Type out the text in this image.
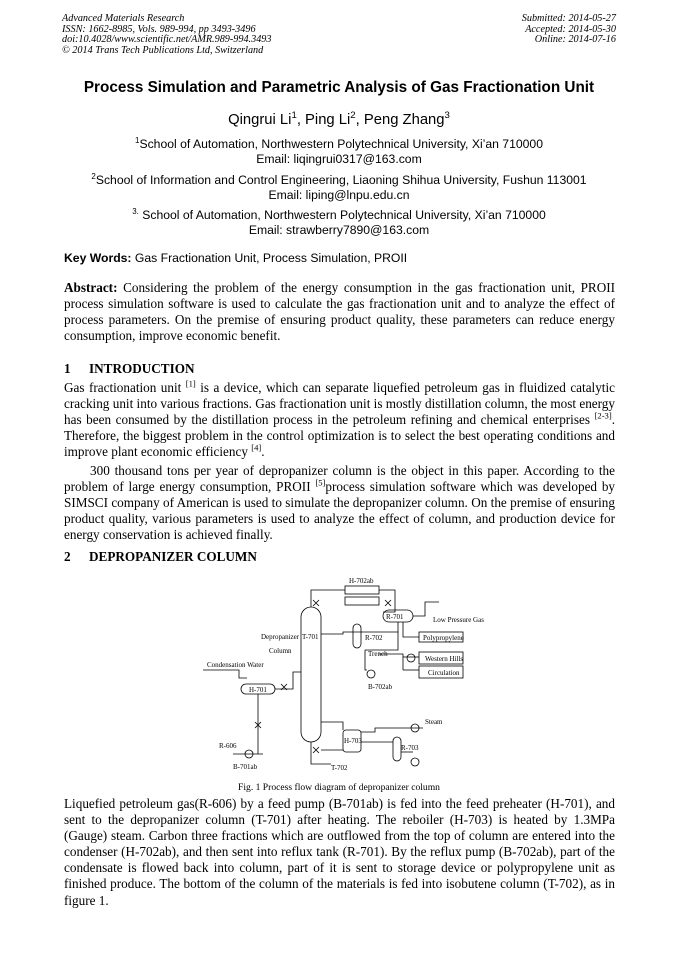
Advanced Materials Research
ISSN: 1662-8985, Vols. 989-994, pp 3493-3496
doi:10.4028/www.scientific.net/AMR.989-994.3493
© 2014 Trans Tech Publications Ltd, Switzerland
Submitted: 2014-05-27
Accepted: 2014-05-30
Online: 2014-07-16
Process Simulation and Parametric Analysis of Gas Fractionation Unit
Qingrui Li$^1$, Ping Li$^2$, Peng Zhang$^3$
$^1$School of Automation, Northwestern Polytechnical University, Xi’an 710000
Email: liqingrui0317@163.com
$^2$School of Information and Control Engineering, Liaoning Shihua University, Fushun 113001
Email: liping@lnpu.edu.cn
$^{3.}$ School of Automation, Northwestern Polytechnical University, Xi’an 710000
Email: strawberry7890@163.com
Key Words: Gas Fractionation Unit, Process Simulation, PROII

Abstract: Considering the problem of the energy consumption in the gas fractionation unit, PROII process simulation software is used to calculate the gas fractionation unit and to analyze the effect of process parameters. On the premise of ensuring product quality, these parameters can reduce energy consumption, improve economic benefit.

1 INTRODUCTION

Gas fractionation unit [1] is a device, which can separate liquefied petroleum gas in fluidized catalytic cracking unit into various fractions. Gas fractionation unit is mostly distillation column, the most energy has been consumed by the distillation process in the petroleum refining and chemical enterprises [2-3]. Therefore, the biggest problem in the control optimization is to select the best operating conditions and improve plant economic efficiency [4].

300 thousand tons per year of depropanizer column is the object in this paper. According to the problem of large energy consumption, PROII [5]process simulation software which was developed by SIMSCI company of American is used to simulate the depropanizer column. On the premise of ensuring product quality, various parameters is used to analyze the effect of column, and production device for energy conservation is achieved finally.

2 DEPROPANIZER COLUMN
H-702ab
R-701	Low Pressure Gas
Depropanizer
Column
T-701	R-702	Polypropylene
Trench
Western Hills
Circulation
Condensation Water
B-702ab
H-701
Steam
H-703
R-606	R-703
B-701ab	T-702
Fig. 1 Process flow diagram of depropanizer column

Liquefied petroleum gas(R-606) by a feed pump (B-701ab) is fed into the feed preheater (H-701), and sent to the depropanizer column (T-701) after heating. The reboiler (H-703) is heated by 1.3MPa (Gauge) steam. Carbon three fractions which are outflowed from the top of column are entered into the condenser (H-702ab), and then sent into reflux tank (R-701). By the reflux pump (B-702ab), part of the condensate is flowed back into column, part of it is sent to storage device or polypropylene unit as finished produce. The bottom of the column of the materials is fed into isobutene column (T-702), as in figure 1.
